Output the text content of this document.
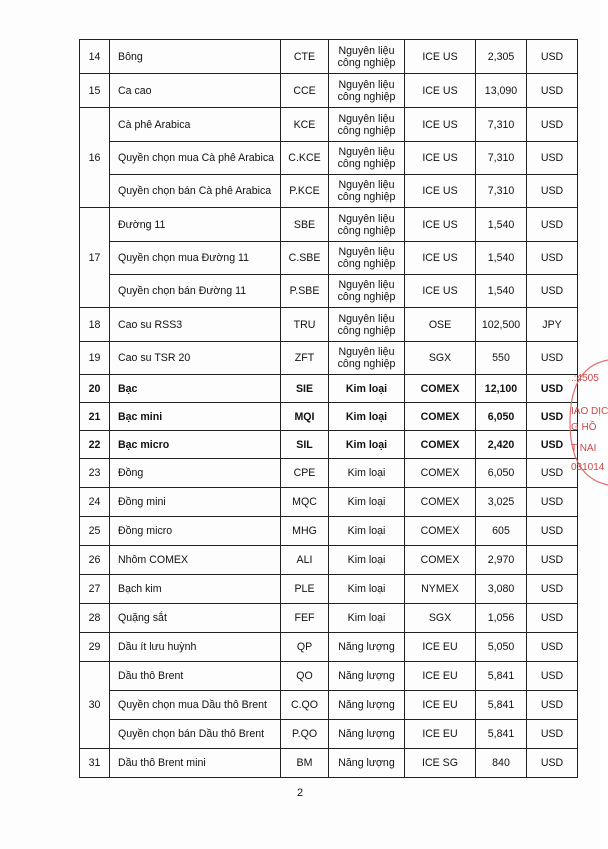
14	Bông	CTE	Nguyên liệu công nghiệp	ICE US	2,305	USD
15	Ca cao	CCE	Nguyên liệu công nghiệp	ICE US	13,090	USD
16	Cà phê Arabica	KCE	Nguyên liệu công nghiệp	ICE US	7,310	USD
	Quyền chọn mua Cà phê Arabica	C.KCE	Nguyên liệu công nghiệp	ICE US	7,310	USD
	Quyền chọn bán Cà phê Arabica	P.KCE	Nguyên liệu công nghiệp	ICE US	7,310	USD
17	Đường 11	SBE	Nguyên liệu công nghiệp	ICE US	1,540	USD
	Quyền chọn mua Đường 11	C.SBE	Nguyên liệu công nghiệp	ICE US	1,540	USD
	Quyền chọn bán Đường 11	P.SBE	Nguyên liệu công nghiệp	ICE US	1,540	USD
18	Cao su RSS3	TRU	Nguyên liệu công nghiệp	OSE	102,500	JPY
19	Cao su TSR 20	ZFT	Nguyên liệu công nghiệp	SGX	550	USD
20	Bạc	SIE	Kim loại	COMEX	12,100	USD
21	Bạc mini	MQI	Kim loại	COMEX	6,050	USD
22	Bạc micro	SIL	Kim loại	COMEX	2,420	USD
23	Đồng	CPE	Kim loại	COMEX	6,050	USD
24	Đồng mini	MQC	Kim loại	COMEX	3,025	USD
25	Đồng micro	MHG	Kim loại	COMEX	605	USD
26	Nhôm COMEX	ALI	Kim loại	COMEX	2,970	USD
27	Bạch kim	PLE	Kim loại	NYMEX	3,080	USD
28	Quặng sắt	FEF	Kim loại	SGX	1,056	USD
29	Dầu ít lưu huỳnh	QP	Năng lượng	ICE EU	5,050	USD
30	Dầu thô Brent	QO	Năng lượng	ICE EU	5,841	USD
	Quyền chọn mua Dầu thô Brent	C.QO	Năng lượng	ICE EU	5,841	USD
	Quyền chọn bán Dầu thô Brent	P.QO	Năng lượng	ICE EU	5,841	USD
31	Dầu thô Brent mini	BM	Năng lượng	ICE SG	840	USD
2
.:4505
IAO DỊC
G HỒ
T NAI
031014
